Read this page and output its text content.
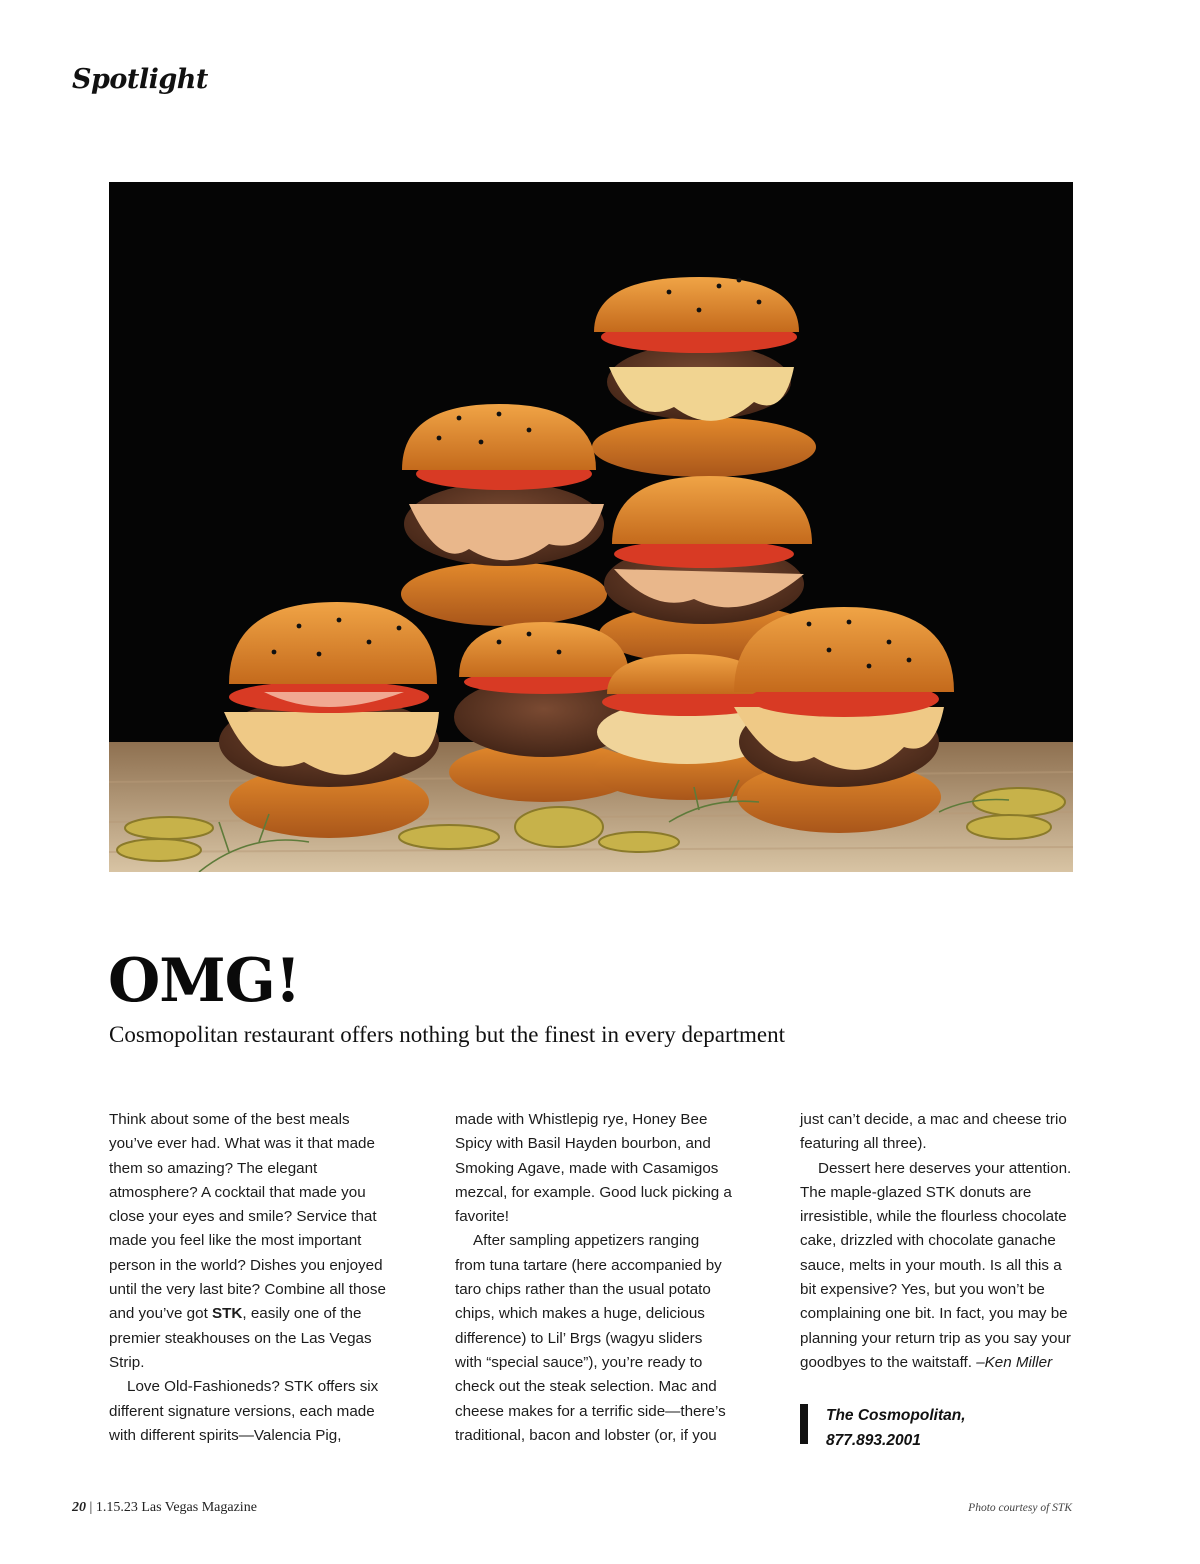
Spotlight
OMG!

Cosmopolitan restaurant offers nothing but the finest in every department

Think about some of the best meals you’ve ever had. What was it that made them so amazing? The elegant atmosphere? A cocktail that made you close your eyes and smile? Service that made you feel like the most important person in the world? Dishes you enjoyed until the very last bite? Combine all those and you’ve got STK, easily one of the premier steakhouses on the Las Vegas Strip.

Love Old-Fashioneds? STK offers six different signature versions, each made with different spirits—Valencia Pig,

made with Whistlepig rye, Honey Bee Spicy with Basil Hayden bourbon, and Smoking Agave, made with Casamigos mezcal, for example. Good luck picking a favorite!

After sampling appetizers ranging from tuna tartare (here accompanied by taro chips rather than the usual potato chips, which makes a huge, delicious difference) to Lil’ Brgs (wagyu sliders with “special sauce”), you’re ready to check out the steak selection. Mac and cheese makes for a terrific side—there’s traditional, bacon and lobster (or, if you

just can’t decide, a mac and cheese trio featuring all three).

Dessert here deserves your attention. The maple-glazed STK donuts are irresistible, while the flourless chocolate cake, drizzled with chocolate ganache sauce, melts in your mouth. Is all this a bit expensive? Yes, but you won’t be complaining one bit. In fact, you may be planning your return trip as you say your goodbyes to the waitstaff. –Ken Miller

The Cosmopolitan,
877.893.2001

20 | 1.15.23 Las Vegas Magazine	Photo courtesy of STK
